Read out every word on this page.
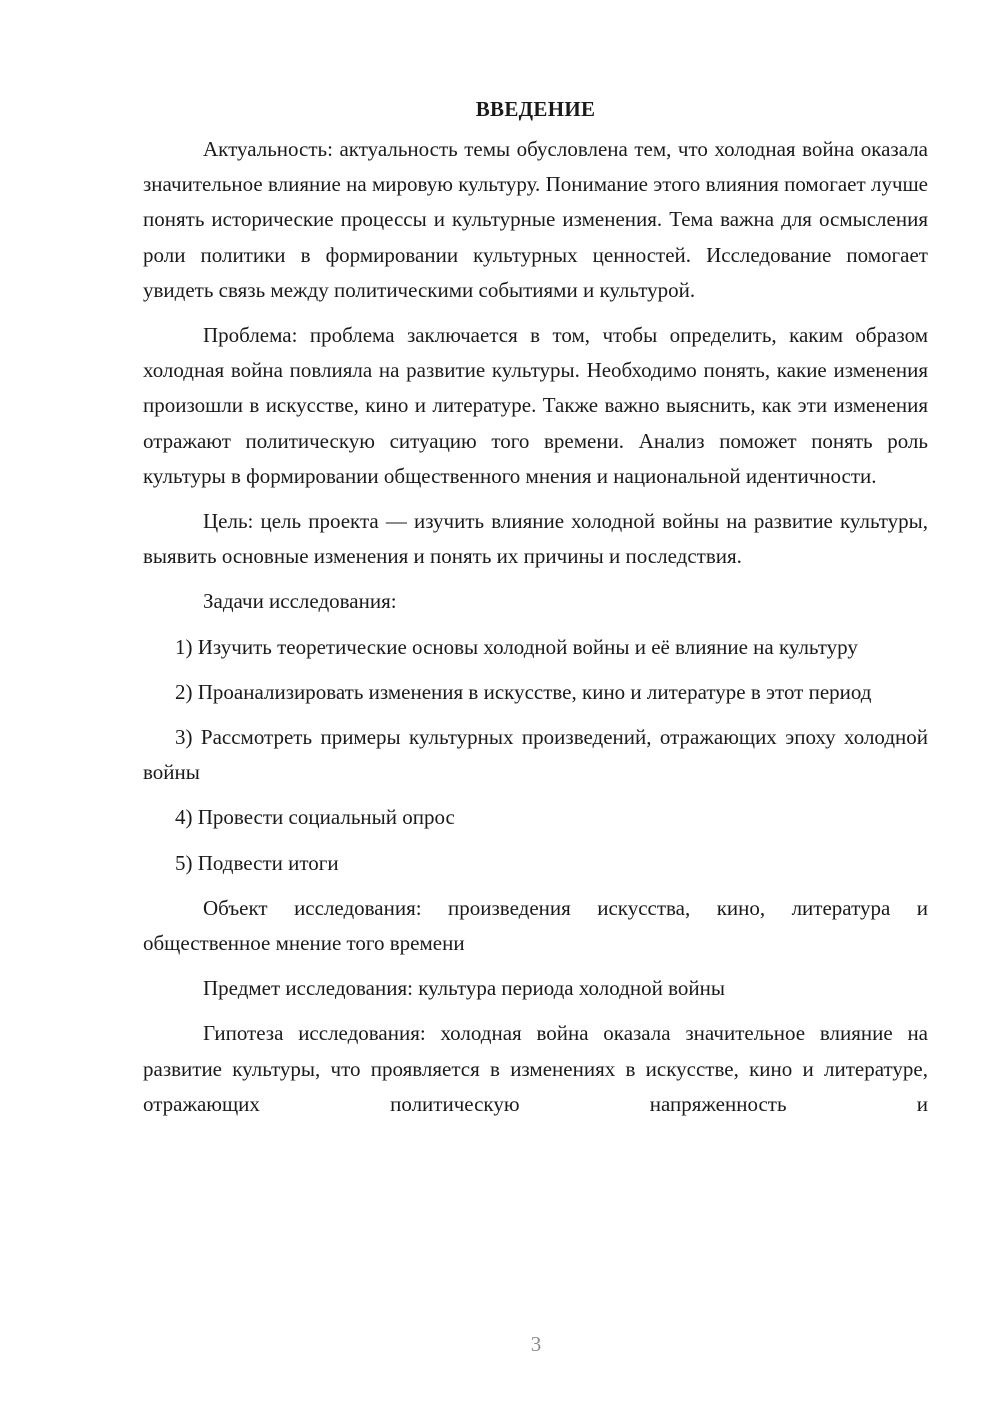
ВВЕДЕНИЕ

Актуальность: актуальность темы обусловлена тем, что холодная война оказала значительное влияние на мировую культуру. Понимание этого влияния помогает лучше понять исторические процессы и культурные изменения. Тема важна для осмысления роли политики в формировании культурных ценностей. Исследование помогает увидеть связь между политическими событиями и культурой.

Проблема: проблема заключается в том, чтобы определить, каким образом холодная война повлияла на развитие культуры. Необходимо понять, какие изменения произошли в искусстве, кино и литературе. Также важно выяснить, как эти изменения отражают политическую ситуацию того времени. Анализ поможет понять роль культуры в формировании общественного мнения и национальной идентичности.

Цель: цель проекта — изучить влияние холодной войны на развитие культуры, выявить основные изменения и понять их причины и последствия.

Задачи исследования:

1) Изучить теоретические основы холодной войны и её влияние на культуру

2) Проанализировать изменения в искусстве, кино и литературе в этот период

3) Рассмотреть примеры культурных произведений, отражающих эпоху холодной войны

4) Провести социальный опрос

5) Подвести итоги

Объект исследования: произведения искусства, кино, литература и общественное мнение того времени

Предмет исследования: культура периода холодной войны

Гипотеза исследования: холодная война оказала значительное влияние на развитие культуры, что проявляется в изменениях в искусстве, кино и литературе, отражающих политическую напряженность и

3
